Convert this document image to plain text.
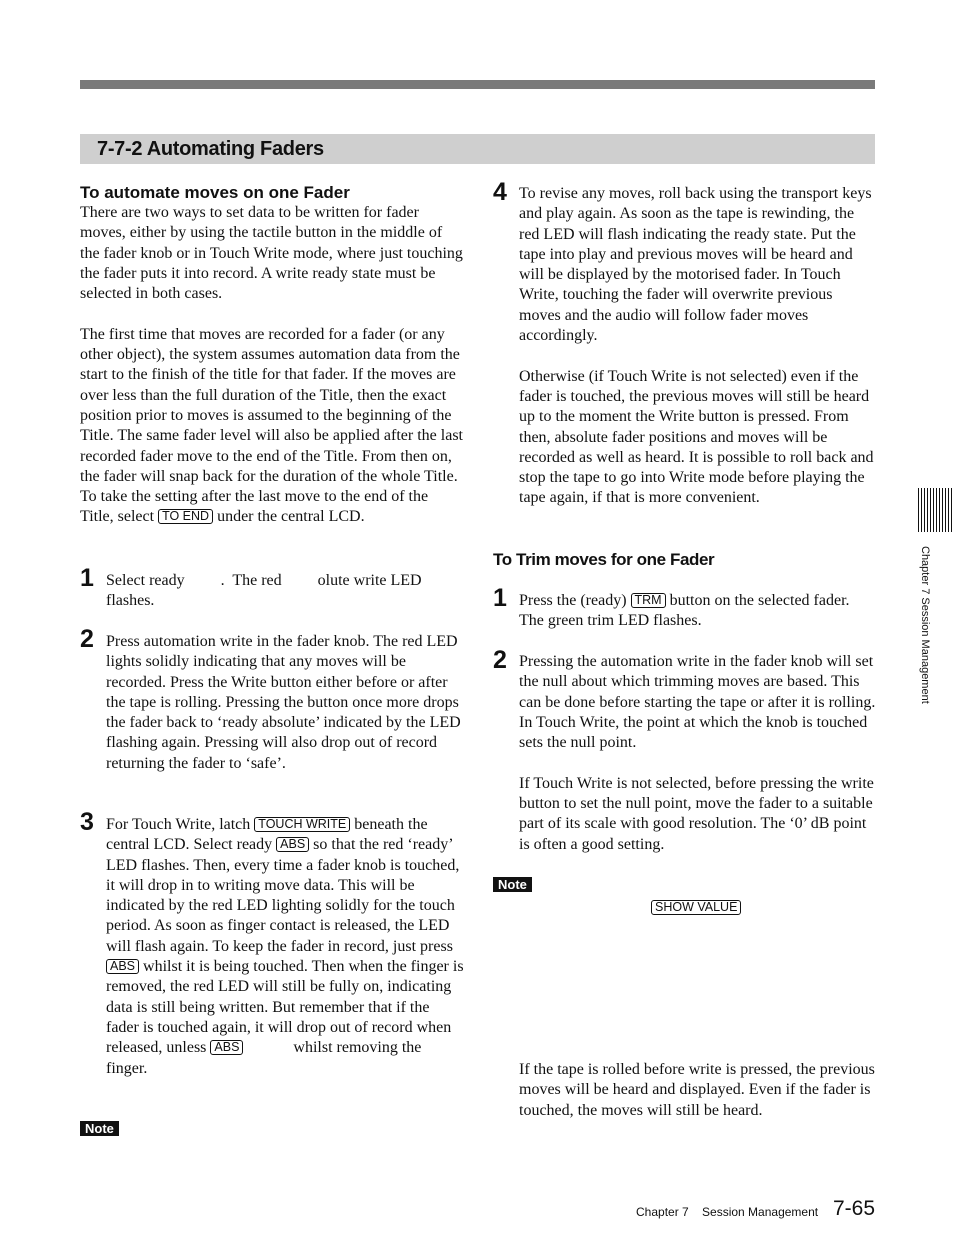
7-7-2 Automating Faders

To automate moves on one Fader

There are two ways to set data to be written for fader moves, either by using the tactile button in the middle of the fader knob or in Touch Write mode, where just touching the fader puts it into record. A write ready state must be selected in both cases.

The first time that moves are recorded for a fader (or any other object), the system assumes automation data from the start to the finish of the title for that fader. If the moves are over less than the full duration of the Title, then the exact position prior to moves is assumed to the beginning of the Title. The same fader level will also be applied after the last recorded fader move to the end of the Title. From then on, the fader will snap back for the duration of the whole Title. To take the setting after the last move to the end of the Title, select TO END under the central LCD.

1 Select ready         .  The red         olute write LED flashes.

2 Press automation write in the fader knob. The red LED lights solidly indicating that any moves will be recorded. Press the Write button either before or after the tape is rolling. Pressing the button once more drops the fader back to ‘ready absolute’ indicated by the LED flashing again. Pressing will also drop out of record returning the fader to ‘safe’.

3 For Touch Write, latch TOUCH WRITE beneath the central LCD. Select ready ABS so that the red ‘ready’ LED flashes. Then, every time a fader knob is touched, it will drop in to writing move data. This will be indicated by the red LED lighting solidly for the touch period. As soon as finger contact is released, the LED will flash again. To keep the fader in record, just press ABS whilst it is being touched. Then when the finger is removed, the red LED will still be fully on, indicating data is still being written. But remember that if the fader is touched again, it will drop out of record when released, unless ABS	whilst removing the finger.

Note
4 To revise any moves, roll back using the transport keys and play again. As soon as the tape is rewinding, the red LED will flash indicating the ready state. Put the tape into play and previous moves will be heard and will be displayed by the motorised fader. In Touch Write, touching the fader will overwrite previous moves and the audio will follow fader moves accordingly.

Otherwise (if Touch Write is not selected) even if the fader is touched, the previous moves will still be heard up to the moment the Write button is pressed. From then, absolute fader positions and moves will be recorded as well as heard. It is possible to roll back and stop the tape to go into Write mode before playing the tape again, if that is more convenient.

To Trim moves for one Fader

1 Press the (ready) TRM button on the selected fader. The green trim LED flashes.

2 Pressing the automation write in the fader knob will set the null about which trimming moves are based. This can be done before starting the tape or after it is rolling. In Touch Write, the point at which the knob is touched sets the null point.

If Touch Write is not selected, before pressing the write button to set the null point, move the fader to a suitable part of its scale with good resolution. The ‘0’ dB point is often a good setting.

Note
SHOW VALUE

If the tape is rolled before write is pressed, the previous moves will be heard and displayed. Even if the fader is touched, the moves will still be heard.

Chapter 7 Session Management
Chapter 7    Session Management 7-65
